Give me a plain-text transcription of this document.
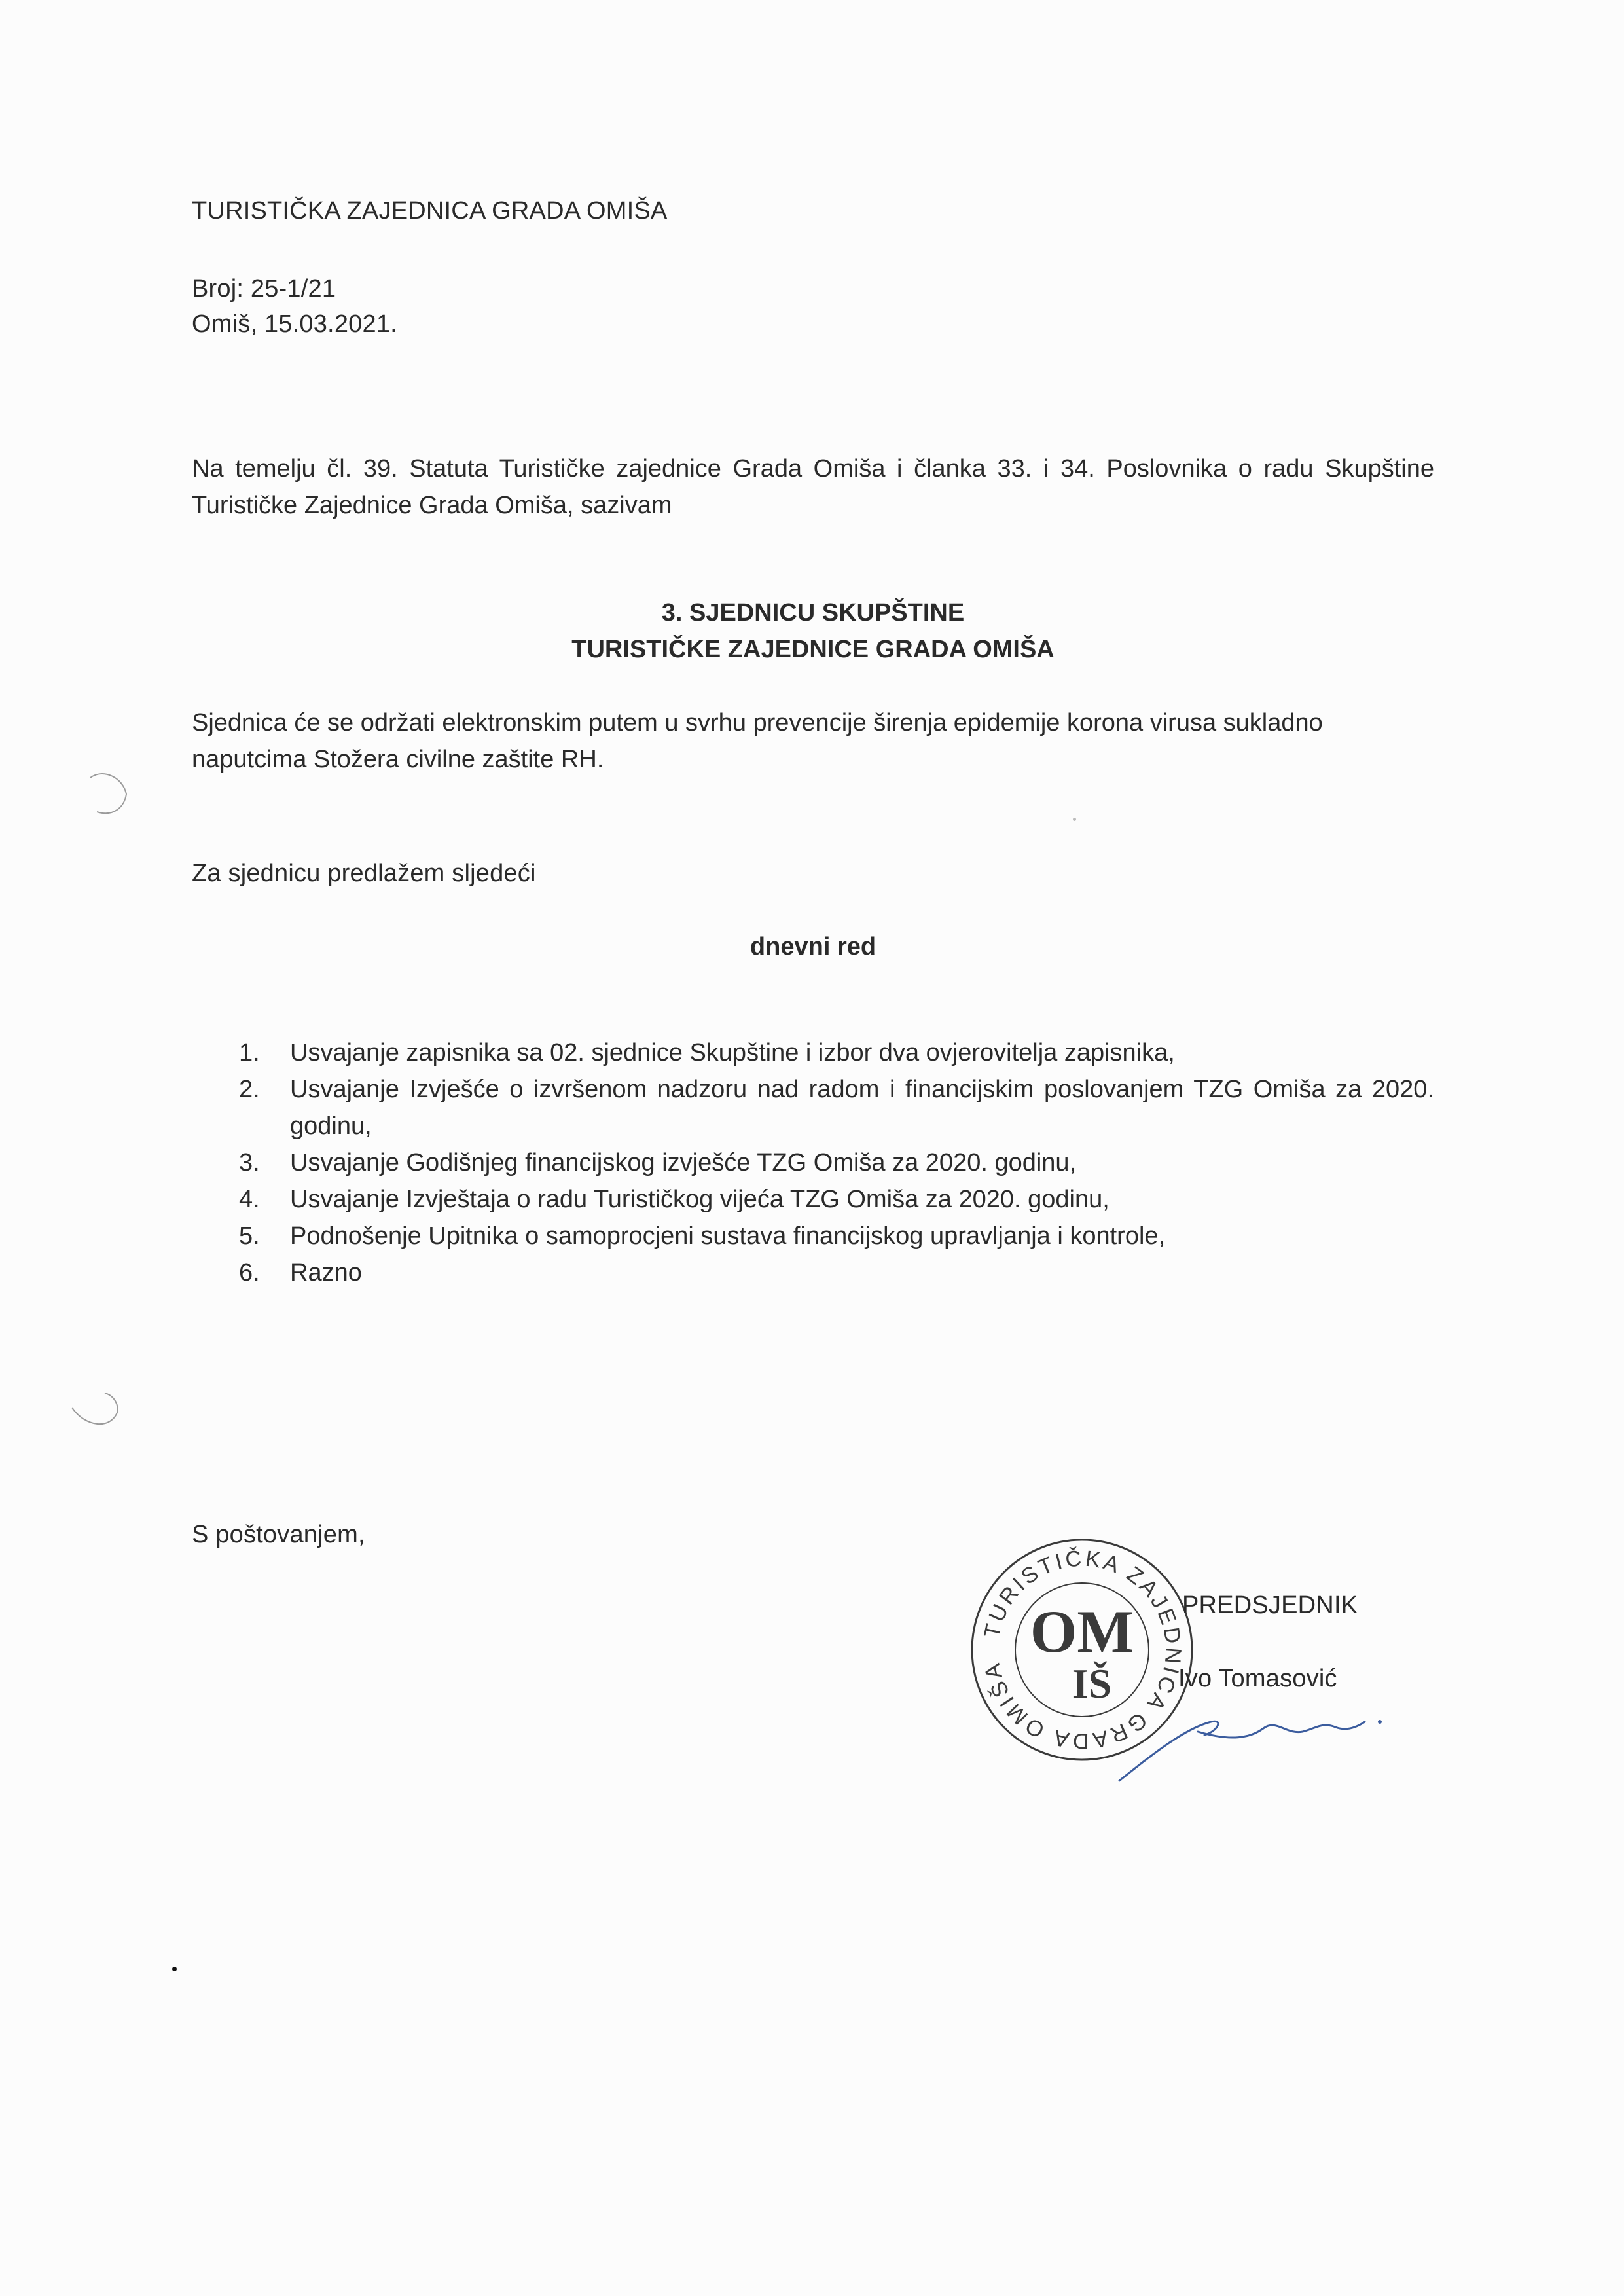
TURISTIČKA ZAJEDNICA GRADA OMIŠA
Broj: 25-1/21
Omiš, 15.03.2021.
Na temelju čl. 39. Statuta Turističke zajednice Grada Omiša i članka 33. i 34. Poslovnika o radu Skupštine Turističke Zajednice Grada Omiša, sazivam
3. SJEDNICU SKUPŠTINE
TURISTIČKE ZAJEDNICE GRADA OMIŠA
Sjednica će se održati elektronskim putem u svrhu prevencije širenja epidemije korona virusa sukladno naputcima Stožera civilne zaštite RH.
Za sjednicu predlažem sljedeći
dnevni red
1. Usvajanje zapisnika sa 02. sjednice Skupštine i izbor dva ovjerovitelja zapisnika,
2. Usvajanje Izvješće o izvršenom nadzoru nad radom i financijskim poslovanjem TZG Omiša za 2020. godinu,
3. Usvajanje Godišnjeg financijskog izvješće TZG Omiša za 2020. godinu,
4. Usvajanje Izvještaja o radu Turističkog vijeća TZG Omiša za 2020. godinu,
5. Podnošenje Upitnika o samoprocjeni sustava financijskog upravljanja i kontrole,
6. Razno
S poštovanjem,
TURISTIČKA ZAJEDNICA GRADA OMIŠA
OM
IŠ
PREDSJEDNIK
Ivo Tomasović
